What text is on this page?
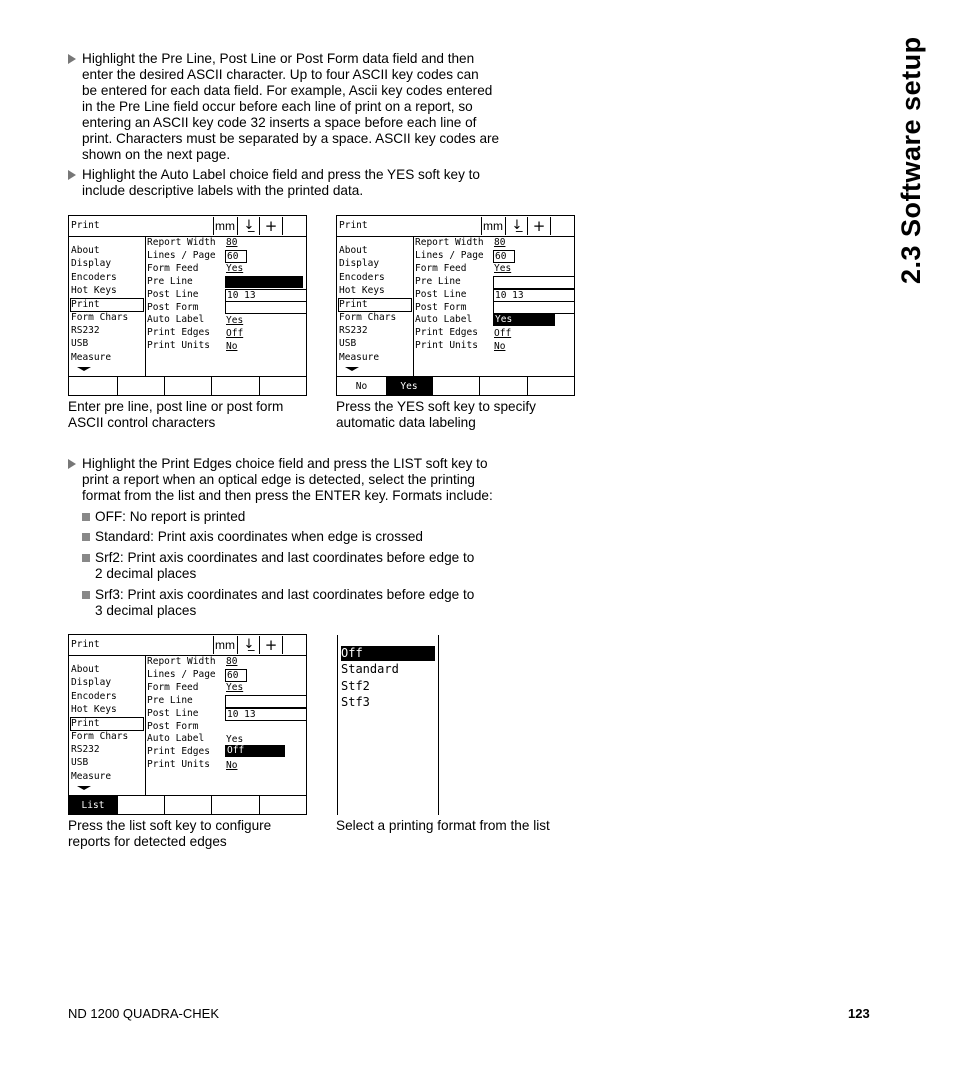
2.3 Software setup
Highlight the Pre Line, Post Line or Post Form data field and then
enter the desired ASCII character. Up to four ASCII key codes can
be entered for each data field. For example, Ascii key codes entered
in the Pre Line field occur before each line of print on a report, so
entering an ASCII key code 32 inserts a space before each line of
print. Characters must be separated by a space. ASCII key codes are
shown on the next page.
Highlight the Auto Label choice field and press the YES soft key to
include descriptive labels with the printed data.
Print	mm ↓̲ +
About
Display
Encoders
Hot Keys
Print
Form Chars
RS232
USB
Measure
Report Width 80
Lines / Page 60
Form Feed	Yes
Pre Line
Post Line	10 13
Post Form
Auto Label Yes
Print Edges Off
Print Units No
Print	mm ↓̲ +
About
Display
Encoders
Hot Keys
Print
Form Chars
RS232
USB
Measure
Report Width 80
Lines / Page 60
Form Feed	Yes
Pre Line
Post Line	10 13
Post Form
Auto Label Yes
Print Edges Off
Print Units No
No	Yes
Enter pre line, post line or post form
ASCII control characters
Press the YES soft key to specify
automatic data labeling
Highlight the Print Edges choice field and press the LIST soft key to
print a report when an optical edge is detected, select the printing
format from the list and then press the ENTER key. Formats include:
OFF: No report is printed
Standard: Print axis coordinates when edge is crossed
Srf2: Print axis coordinates and last coordinates before edge to
2 decimal places
Srf3: Print axis coordinates and last coordinates before edge to
3 decimal places
Print	mm ↓̲ +
About
Display
Encoders
Hot Keys
Print
Form Chars
RS232
USB
Measure
Report Width 80
Lines / Page 60
Form Feed	Yes
Pre Line
Post Line	10 13
Post Form
Auto Label Yes
Print Edges Off
Print Units No
List
Off
Standard
Stf2
Stf3
Press the list soft key to configure
reports for detected edges
Select a printing format from the list
ND 1200 QUADRA-CHEK	123
